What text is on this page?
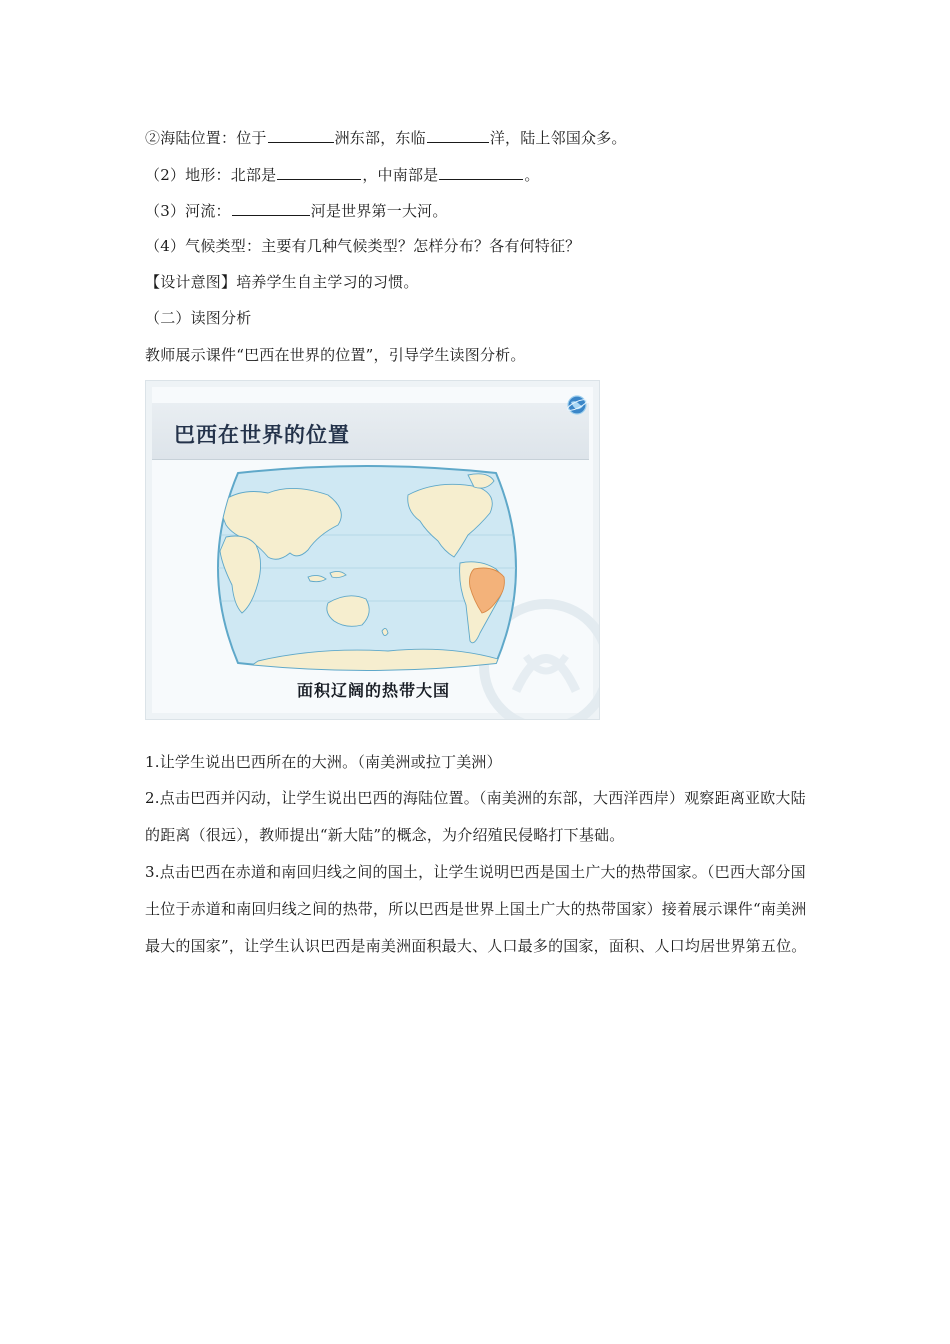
②海陆位置：位于	洲东部，东临	洋，陆上邻国众多。
（2）地形：北部是	，中南部是	。
（3）河流：	河是世界第一大河。
（4）气候类型：主要有几种气候类型？怎样分布？各有何特征？
【设计意图】培养学生自主学习的习惯。
（二）读图分析
教师展示课件“巴西在世界的位置”，引导学生读图分析。
巴西在世界的位置
面积辽阔的热带大国
1.让学生说出巴西所在的大洲。（南美洲或拉丁美洲）
2.点击巴西并闪动，让学生说出巴西的海陆位置。（南美洲的东部，大西洋西岸）观察距离亚欧大陆的距离（很远），教师提出“新大陆”的概念，为介绍殖民侵略打下基础。
3.点击巴西在赤道和南回归线之间的国土，让学生说明巴西是国土广大的热带国家。（巴西大部分国土位于赤道和南回归线之间的热带，所以巴西是世界上国土广大的热带国家）接着展示课件“南美洲最大的国家”，让学生认识巴西是南美洲面积最大、人口最多的国家，面积、人口均居世界第五位。
